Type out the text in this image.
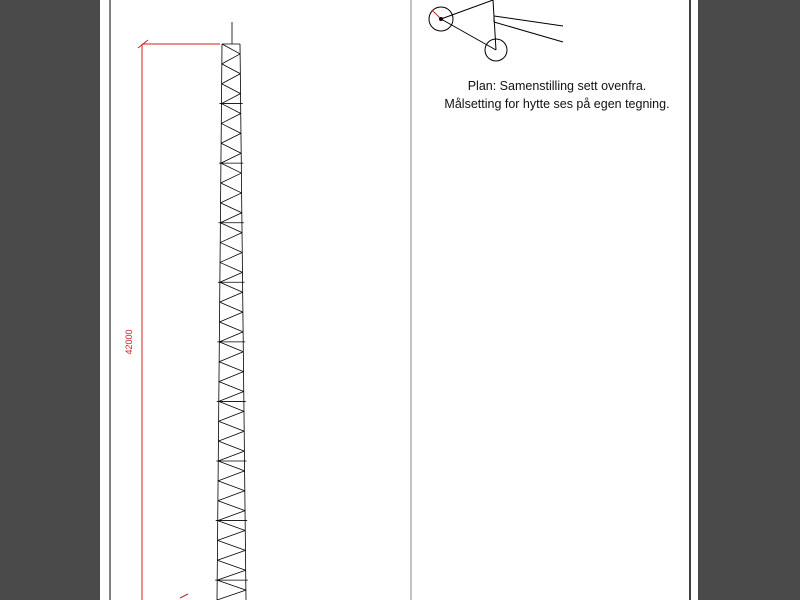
42000
Plan: Samenstilling sett ovenfra.
Målsetting for hytte ses på egen tegning.
